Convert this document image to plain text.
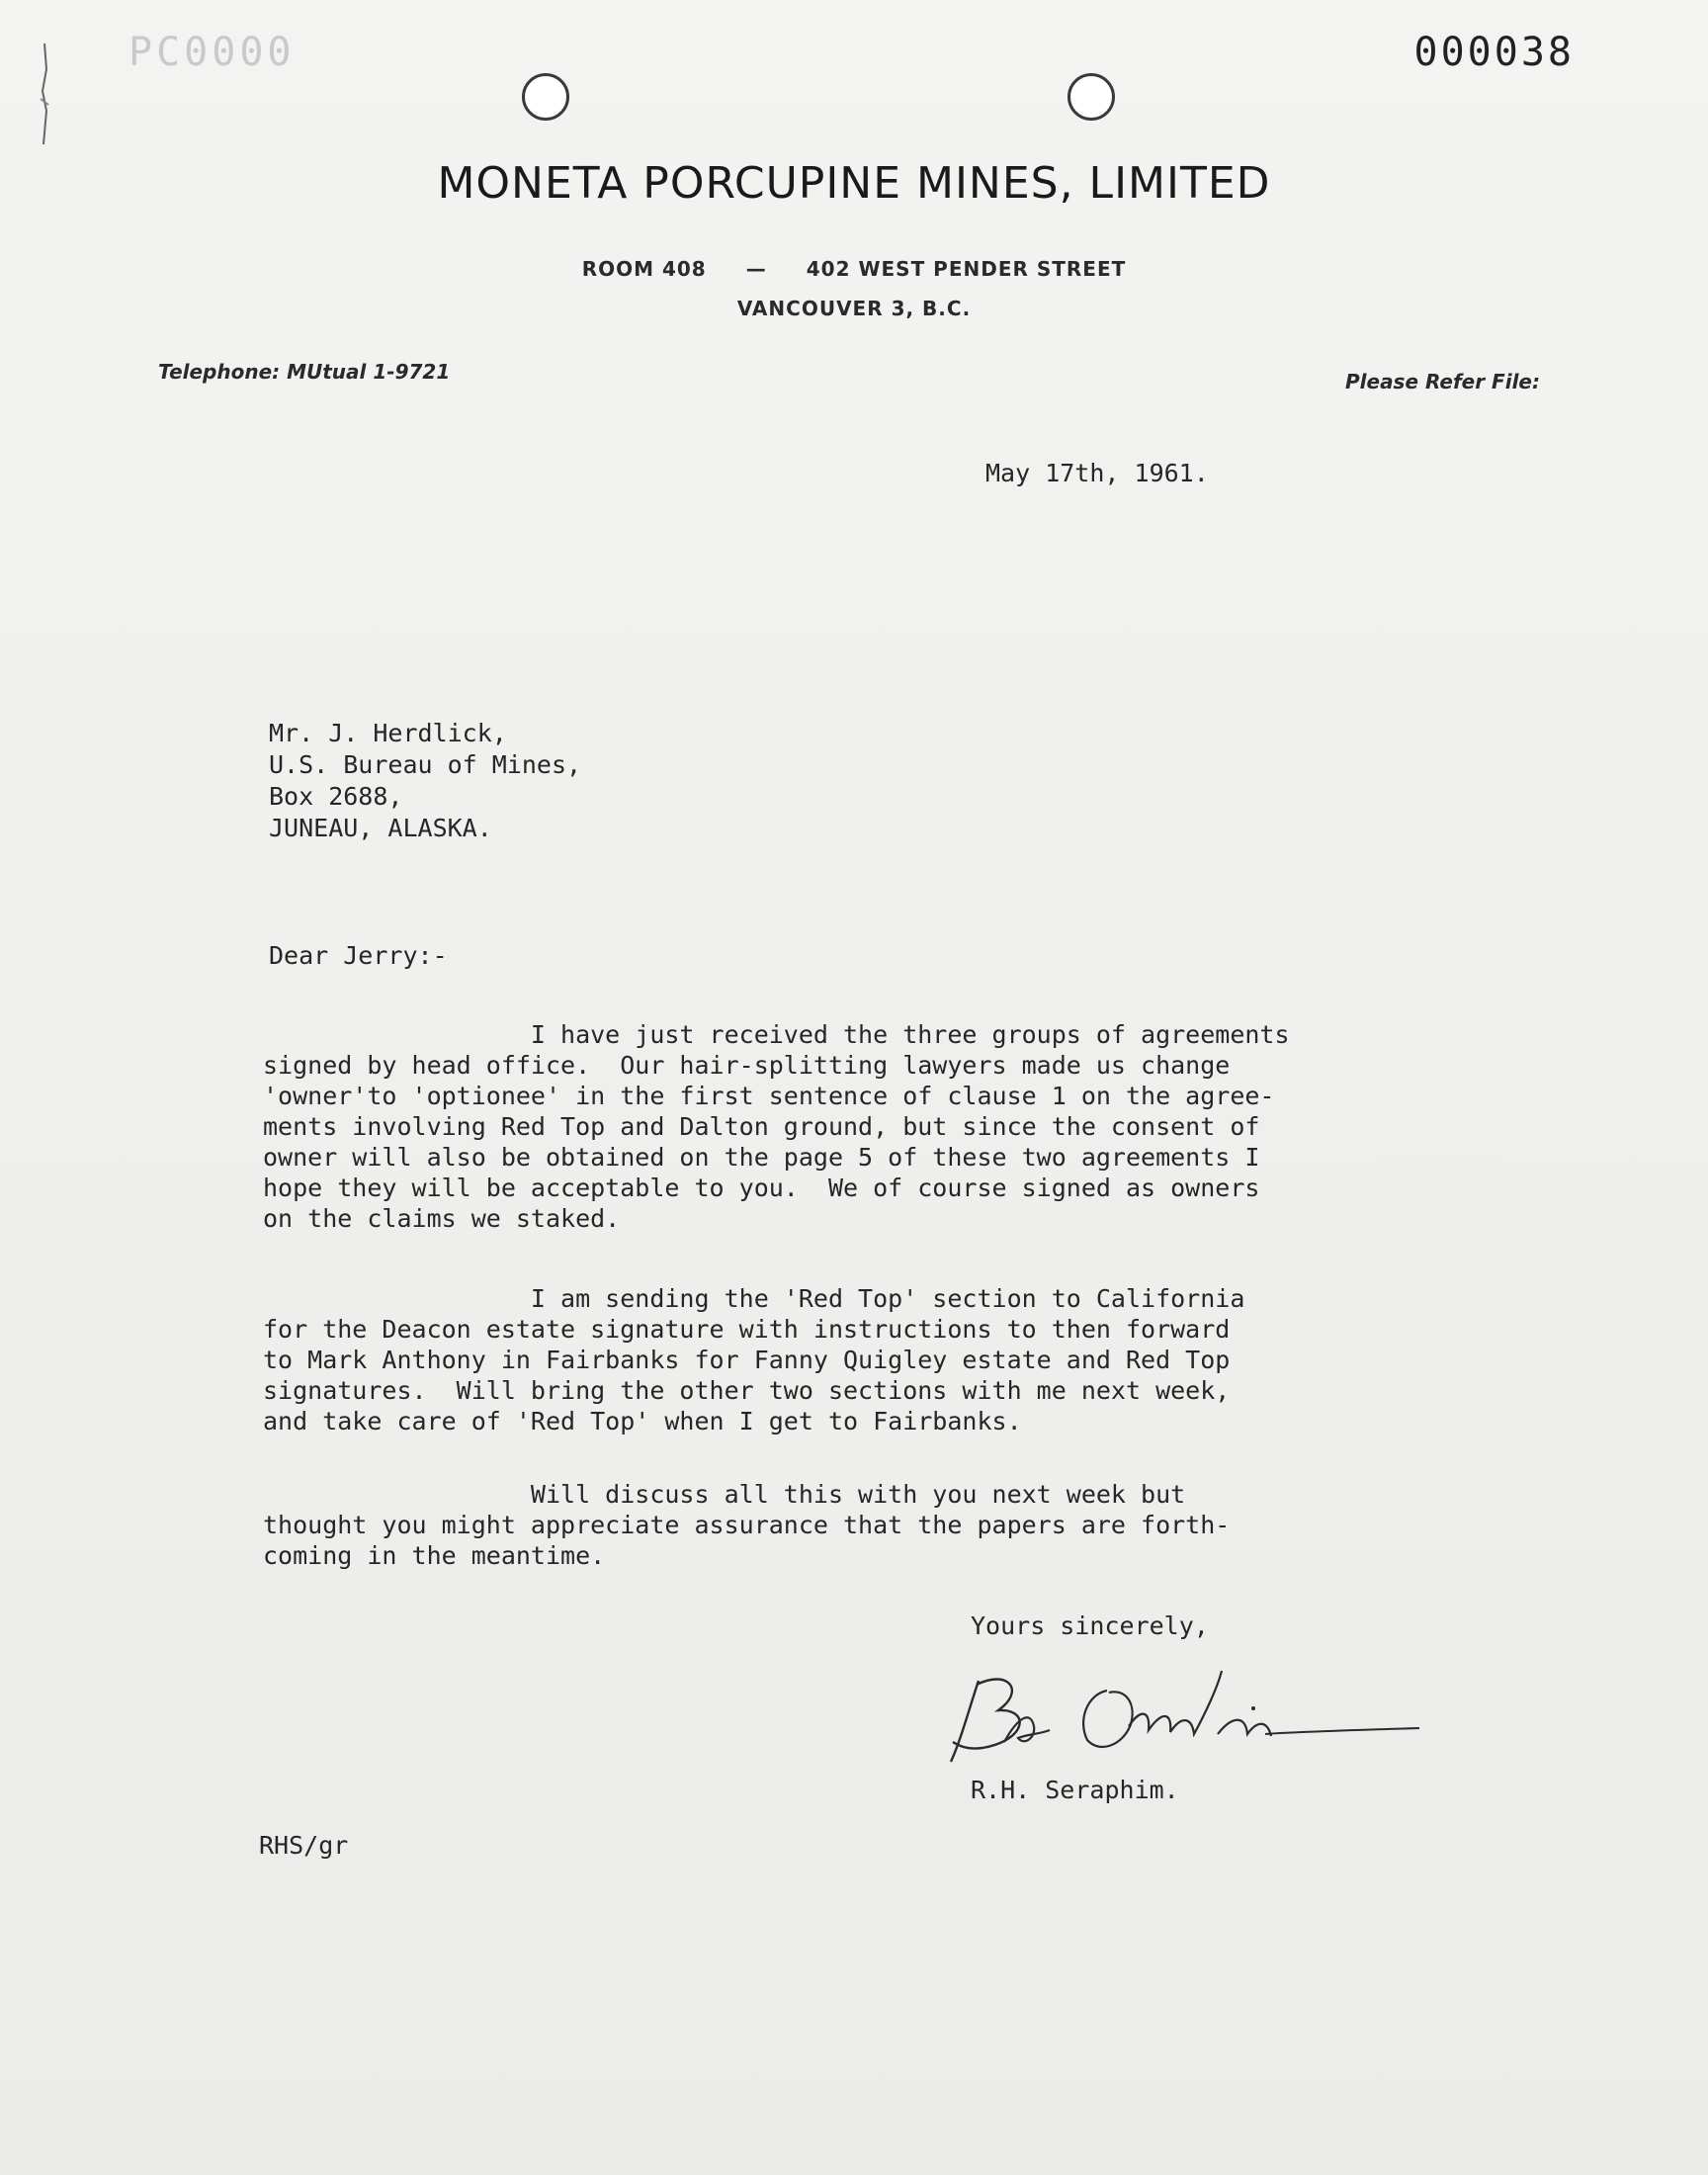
PC0000	000038
MONETA PORCUPINE MINES, LIMITED
ROOM 408 — 402 WEST PENDER STREET
VANCOUVER 3, B.C.
Telephone: MUtual 1-9721	Please Refer File:
May 17th, 1961.
Mr. J. Herdlick,
U.S. Bureau of Mines,
Box 2688,
JUNEAU, ALASKA.
Dear Jerry:-
I have just received the three groups of agreements
signed by head office.  Our hair-splitting lawyers made us change
'owner'to 'optionee' in the first sentence of clause 1 on the agree-
ments involving Red Top and Dalton ground, but since the consent of
owner will also be obtained on the page 5 of these two agreements I
hope they will be acceptable to you.  We of course signed as owners
on the claims we staked.
I am sending the 'Red Top' section to California
for the Deacon estate signature with instructions to then forward
to Mark Anthony in Fairbanks for Fanny Quigley estate and Red Top
signatures.  Will bring the other two sections with me next week,
and take care of 'Red Top' when I get to Fairbanks.
Will discuss all this with you next week but
thought you might appreciate assurance that the papers are forth-
coming in the meantime.
Yours sincerely,
R.H. Seraphim.
RHS/gr
